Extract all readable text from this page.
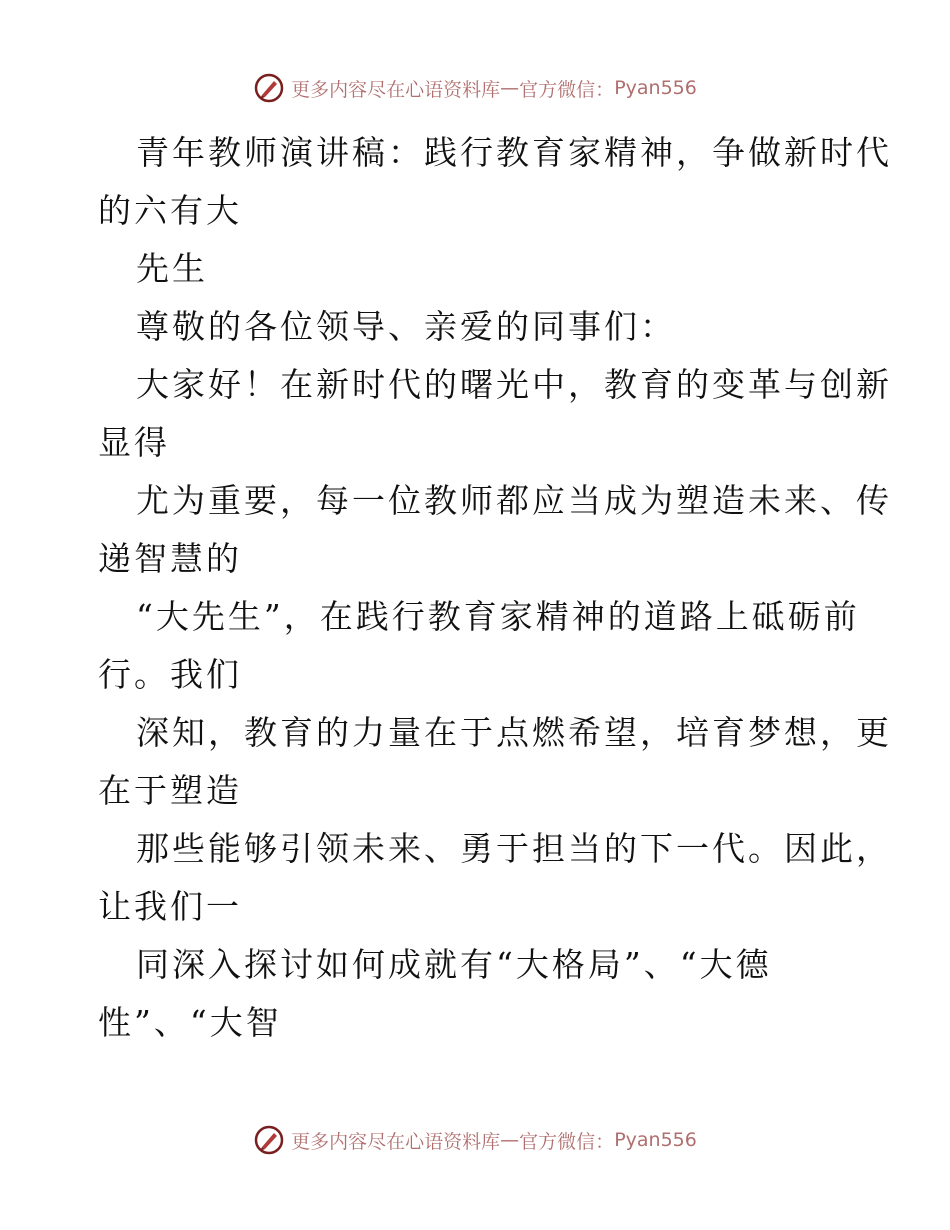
更多内容尽在心语资料库 — 官方微信： Pyan556
青年教师演讲稿：践行教育家精神，争做新时代
的六有大
先生
尊敬的各位领导、亲爱的同事们：
大家好！在新时代的曙光中，教育的变革与创新
显得
尤为重要，每一位教师都应当成为塑造未来、传
递智慧的
“大先生”，在践行教育家精神的道路上砥砺前
行。我们
深知，教育的力量在于点燃希望，培育梦想，更
在于塑造
那些能够引领未来、勇于担当的下一代。因此，
让我们一
同深入探讨如何成就有“大格局”、“大德
性”、“大智
更多内容尽在心语资料库 — 官方微信： Pyan556
